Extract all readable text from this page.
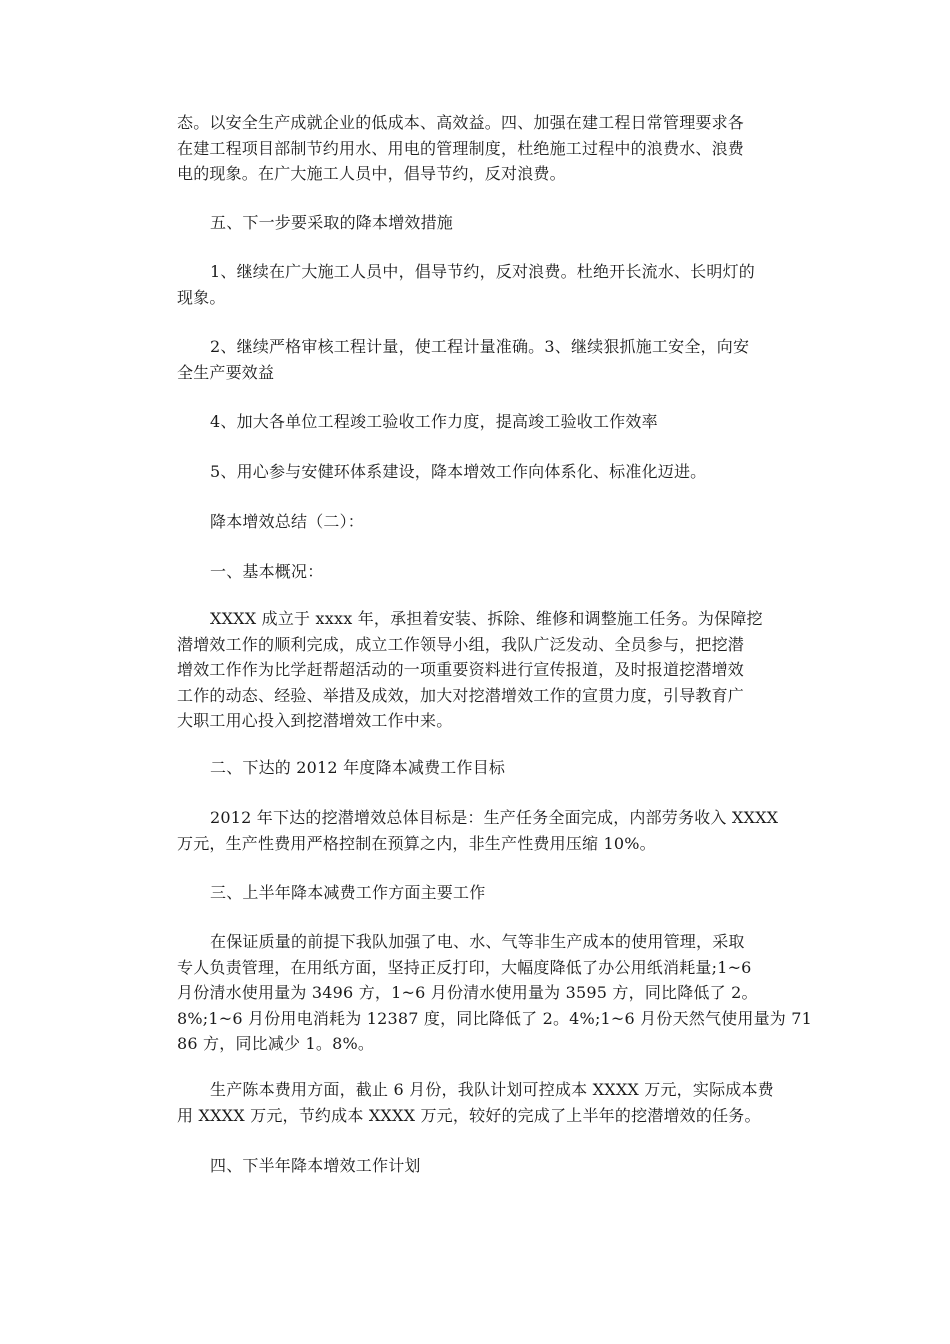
态。以安全生产成就企业的低成本、高效益。四、加强在建工程日常管理要求各
在建工程项目部制节约用水、用电的管理制度，杜绝施工过程中的浪费水、浪费
电的现象。在广大施工人员中，倡导节约，反对浪费。
五、下一步要采取的降本增效措施
1、继续在广大施工人员中，倡导节约，反对浪费。杜绝开长流水、长明灯的
现象。
2、继续严格审核工程计量，使工程计量准确。3、继续狠抓施工安全，向安
全生产要效益
4、加大各单位工程竣工验收工作力度，提高竣工验收工作效率
5、用心参与安健环体系建设，降本增效工作向体系化、标准化迈进。
降本增效总结（二）：
一、基本概况：
XXXX 成立于 xxxx 年，承担着安装、拆除、维修和调整施工任务。为保障挖
潜增效工作的顺利完成，成立工作领导小组，我队广泛发动、全员参与，把挖潜
增效工作作为比学赶帮超活动的一项重要资料进行宣传报道，及时报道挖潜增效
工作的动态、经验、举措及成效，加大对挖潜增效工作的宣贯力度，引导教育广
大职工用心投入到挖潜增效工作中来。
二、下达的 2012 年度降本减费工作目标
2012 年下达的挖潜增效总体目标是：生产任务全面完成，内部劳务收入 XXXX
万元，生产性费用严格控制在预算之内，非生产性费用压缩 10%。
三、上半年降本减费工作方面主要工作
在保证质量的前提下我队加强了电、水、气等非生产成本的使用管理，采取
专人负责管理，在用纸方面，坚持正反打印，大幅度降低了办公用纸消耗量;1~6
月份清水使用量为 3496 方，1~6 月份清水使用量为 3595 方，同比降低了 2。
8%;1~6 月份用电消耗为 12387 度，同比降低了 2。4%;1~6 月份天然气使用量为 71
86 方，同比减少 1。8%。
生产陈本费用方面，截止 6 月份，我队计划可控成本 XXXX 万元，实际成本费
用 XXXX 万元，节约成本 XXXX 万元，较好的完成了上半年的挖潜增效的任务。
四、下半年降本增效工作计划
